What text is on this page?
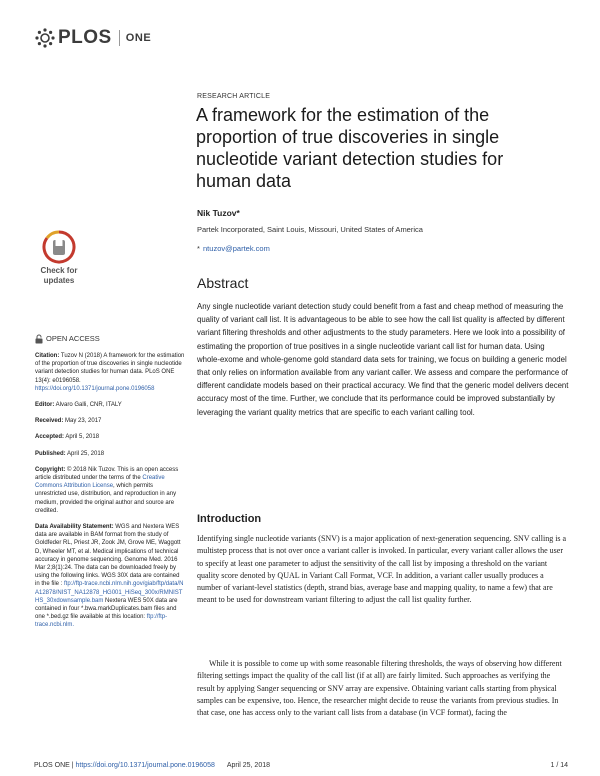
PLOS ONE
RESEARCH ARTICLE
A framework for the estimation of the proportion of true discoveries in single nucleotide variant detection studies for human data
Nik Tuzov*
Partek Incorporated, Saint Louis, Missouri, United States of America
* ntuzov@partek.com
Check for
updates
OPEN ACCESS
Citation: Tuzov N (2018) A framework for the estimation of the proportion of true discoveries in single nucleotide variant detection studies for human data. PLoS ONE 13(4): e0196058. https://doi.org/10.1371/journal.pone.0196058
Editor: Alvaro Galli, CNR, ITALY
Received: May 23, 2017
Accepted: April 5, 2018
Published: April 25, 2018
Copyright: © 2018 Nik Tuzov. This is an open access article distributed under the terms of the Creative Commons Attribution License, which permits unrestricted use, distribution, and reproduction in any medium, provided the original author and source are credited.
Data Availability Statement: WGS and Nextera WES data are available in BAM format from the study of Goldfeder RL, Priest JR, Zook JM, Grove ME, Waggott D, Wheeler MT, et al. Medical implications of technical accuracy in genome sequencing. Genome Med. 2016 Mar 2;8(1):24. The data can be downloaded freely by using the following links. WGS 30X data are contained in the file : ftp://ftp-trace.ncbi.nlm.nih.gov/giab/ftp/data/NA12878/NIST_NA12878_HG001_HiSeq_300x/RMNISTHS_30xdownsample.bam Nextera WES 50X data are contained in four *.bwa.markDuplicates.bam files and one *.bed.gz file available at this location: ftp://ftp-trace.ncbi.nlm.
Abstract

Any single nucleotide variant detection study could benefit from a fast and cheap method of measuring the quality of variant call list. It is advantageous to be able to see how the call list quality is affected by different variant filtering thresholds and other adjustments to the study parameters. Here we look into a possibility of estimating the proportion of true positives in a single nucleotide variant call list for human data. Using whole-exome and whole-genome gold standard data sets for training, we focus on building a generic model that only relies on information available from any variant caller. We assess and compare the performance of different candidate models based on their practical accuracy. We find that the generic model delivers decent accuracy most of the time. Further, we conclude that its performance could be improved substantially by leveraging the variant quality metrics that are specific to each variant calling tool.

Introduction

Identifying single nucleotide variants (SNV) is a major application of next-generation sequencing. SNV calling is a multistep process that is not over once a variant caller is invoked. In particular, every variant caller allows the user to specify at least one parameter to adjust the sensitivity of the call list by imposing a threshold on the variant quality score denoted by QUAL in Variant Call Format, VCF. In addition, a variant caller usually produces a number of variant-level statistics (depth, strand bias, average base and mapping quality, to name a few) that are meant to be used for downstream variant filtering to adjust the call list quality further.

While it is possible to come up with some reasonable filtering thresholds, the ways of observing how different filtering settings impact the quality of the call list (if at all) are fairly limited. Such approaches as verifying the result by applying Sanger sequencing or SNV array are expensive. Obtaining variant calls starting from physical samples can be expensive, too. Hence, the researcher might decide to reuse the variants from previous studies. In that case, one has access only to the variant call lists from a database (in VCF format), facing the

PLOS ONE | https://doi.org/10.1371/journal.pone.0196058 April 25, 2018	1 / 14
